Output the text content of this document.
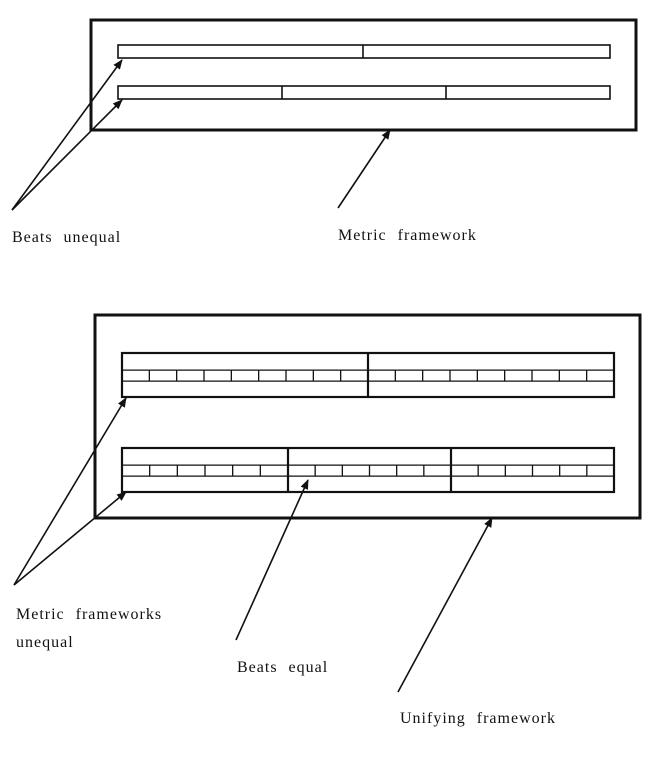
Beats unequal	Metric framework
Metric frameworks
unequal
Beats equal
Unifying framework
